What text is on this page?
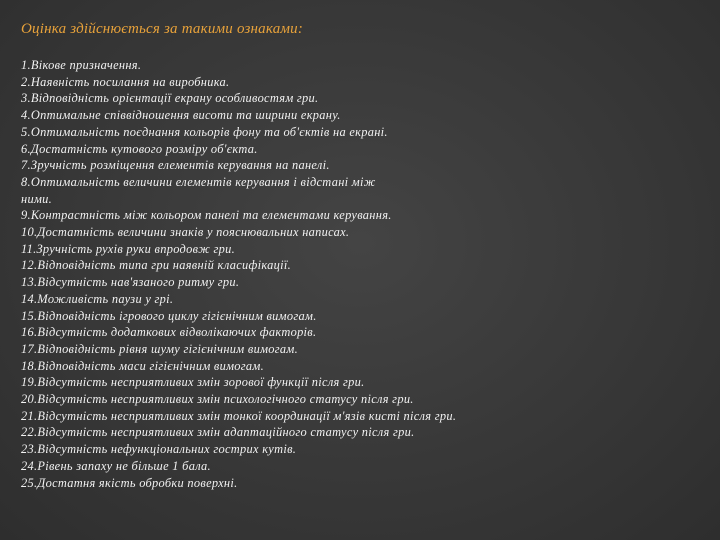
Оцінка здійснюється за такими ознаками:
1.Вікове призначення.
2.Наявність посилання на виробника.
3.Відповідність орієнтації екрану особливостям гри.
4.Оптимальне співвідношення висоти та ширини екрану.
5.Оптимальність поєднання кольорів фону та об'єктів на екрані.
6.Достатність кутового розміру об'єкта.
7.Зручність розміщення елементів керування на панелі.
8.Оптимальність величини елементів керування і відстані між
ними.
9.Контрастність між кольором панелі та елементами керування.
10.Достатність величини знаків у пояснювальних написах.
11.Зручність рухів руки впродовж гри.
12.Відповідність типа гри наявній класифікації.
13.Відсутність нав'язаного ритму гри.
14.Можливість паузи у грі.
15.Відповідність ігрового циклу гігієнічним вимогам.
16.Відсутність додаткових відволікаючих факторів.
17.Відповідність рівня шуму гігієнічним вимогам.
18.Відповідність маси гігієнічним вимогам.
19.Відсутність несприятливих змін зорової функції після гри.
20.Відсутність несприятливих змін психологічного статусу після гри.
21.Відсутність несприятливих змін тонкої координації м'язів кисті після гри.
22.Відсутність несприятливих змін адаптаційного статусу після гри.
23.Відсутність нефункціональних гострих кутів.
24.Рівень запаху не більше 1 бала.
25.Достатня якість обробки поверхні.
